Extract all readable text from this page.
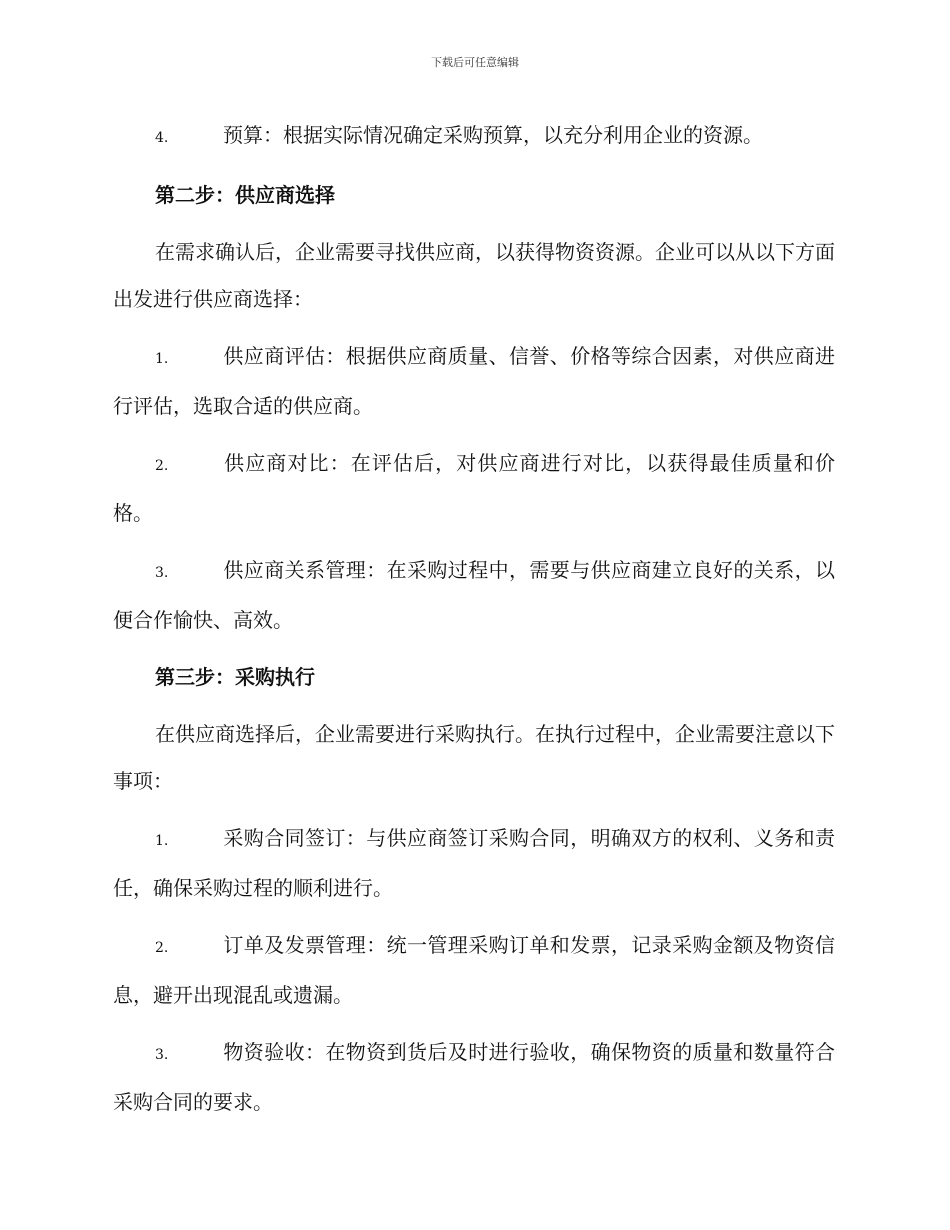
下载后可任意编辑

4.	预算：根据实际情况确定采购预算，以充分利用企业的资源。

第二步：供应商选择

在需求确认后，企业需要寻找供应商，以获得物资资源。企业可以从以下方面出发进行供应商选择：

1.	供应商评估：根据供应商质量、信誉、价格等综合因素，对供应商进行评估，选取合适的供应商。

2.	供应商对比：在评估后，对供应商进行对比，以获得最佳质量和价格。

3.	供应商关系管理：在采购过程中，需要与供应商建立良好的关系，以便合作愉快、高效。

第三步：采购执行

在供应商选择后，企业需要进行采购执行。在执行过程中，企业需要注意以下事项：

1.	采购合同签订：与供应商签订采购合同，明确双方的权利、义务和责任，确保采购过程的顺利进行。

2.	订单及发票管理：统一管理采购订单和发票，记录采购金额及物资信息，避开出现混乱或遗漏。

3.	物资验收：在物资到货后及时进行验收，确保物资的质量和数量符合采购合同的要求。
